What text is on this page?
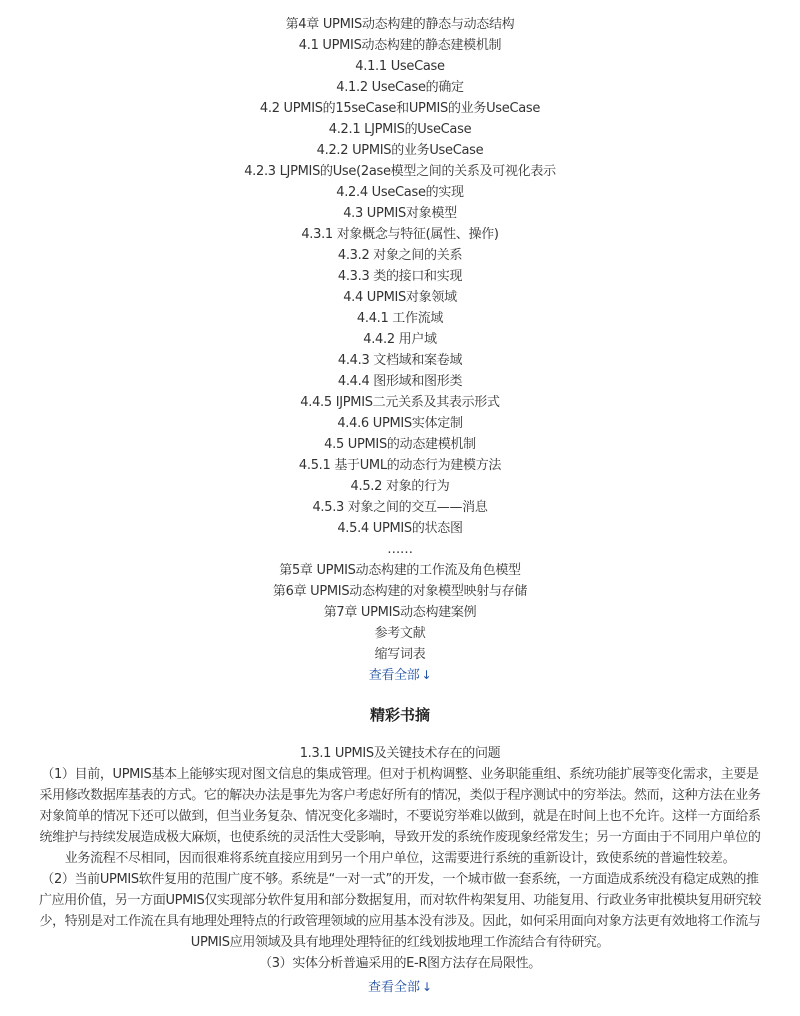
第4章 UPMIS动态构建的静态与动态结构
4.1 UPMIS动态构建的静态建模机制
4.1.1 UseCase
4.1.2 UseCase的确定
4.2 UPMIS的15seCase和UPMIS的业务UseCase
4.2.1 LJPMIS的UseCase
4.2.2 UPMIS的业务UseCase
4.2.3 LJPMIS的Use(2ase模型之间的关系及可视化表示
4.2.4 UseCase的实现
4.3 UPMIS对象模型
4.3.1 对象概念与特征(属性、操作)
4.3.2 对象之间的关系
4.3.3 类的接口和实现
4.4 UPMIS对象领域
4.4.1 工作流域
4.4.2 用户域
4.4.3 文档域和案卷域
4.4.4 图形域和图形类
4.4.5 IJPMIS二元关系及其表示形式
4.4.6 UPMIS实体定制
4.5 UPMIS的动态建模机制
4.5.1 基于UML的动态行为建模方法
4.5.2 对象的行为
4.5.3 对象之间的交互——消息
4.5.4 UPMIS的状态图
……
第5章 UPMIS动态构建的工作流及角色模型
第6章 UPMIS动态构建的对象模型映射与存储
第7章 UPMIS动态构建案例
参考文献
缩写词表
查看全部 ↓
精彩书摘
1.3.1 UPMIS及关键技术存在的问题
（1）目前，UPMIS基本上能够实现对图文信息的集成管理。但对于机构调整、业务职能重组、系统功能扩展等变化需求，主要是
采用修改数据库基表的方式。它的解决办法是事先为客户考虑好所有的情况，类似于程序测试中的穷举法。然而，这种方法在业务
对象简单的情况下还可以做到，但当业务复杂、情况变化多端时，不要说穷举难以做到，就是在时间上也不允许。这样一方面给系
统维护与持续发展造成极大麻烦，也使系统的灵活性大受影响，导致开发的系统作废现象经常发生；另一方面由于不同用户单位的
业务流程不尽相同，因而很难将系统直接应用到另一个用户单位，这需要进行系统的重新设计，致使系统的普遍性较差。
（2）当前UPMIS软件复用的范围广度不够。系统是“一对一式”的开发，一个城市做一套系统，一方面造成系统没有稳定成熟的推
广应用价值，另一方面UPMIS仅实现部分软件复用和部分数据复用，而对软件构架复用、功能复用、行政业务审批模块复用研究较
少，特别是对工作流在具有地理处理特点的行政管理领域的应用基本没有涉及。因此，如何采用面向对象方法更有效地将工作流与
UPMIS应用领域及具有地理处理特征的红线划拔地理工作流结合有待研究。
（3）实体分析普遍采用的E-R图方法存在局限性。
查看全部 ↓
